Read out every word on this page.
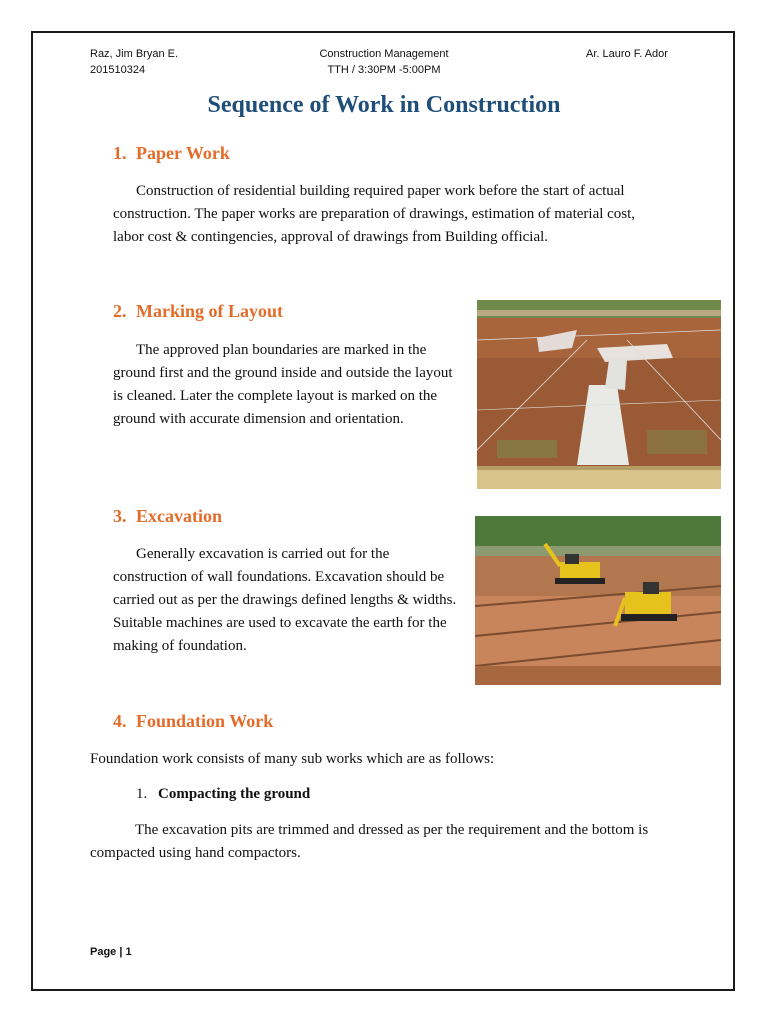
Raz, Jim Bryan E.
201510324
Construction Management
TTH / 3:30PM -5:00PM
Ar. Lauro F. Ador
Sequence of Work in Construction
1. Paper Work

Construction of residential building required paper work before the start of actual construction. The paper works are preparation of drawings, estimation of material cost, labor cost & contingencies, approval of drawings from Building official.

2. Marking of Layout

The approved plan boundaries are marked in the ground first and the ground inside and outside the layout is cleaned. Later the complete layout is marked on the ground with accurate dimension and orientation.

3. Excavation

Generally excavation is carried out for the construction of wall foundations. Excavation should be carried out as per the drawings defined lengths & widths. Suitable machines are used to excavate the earth for the making of foundation.

4. Foundation Work

Foundation work consists of many sub works which are as follows:

1. Compacting the ground

The excavation pits are trimmed and dressed as per the requirement and the bottom is compacted using hand compactors.

Page | 1
